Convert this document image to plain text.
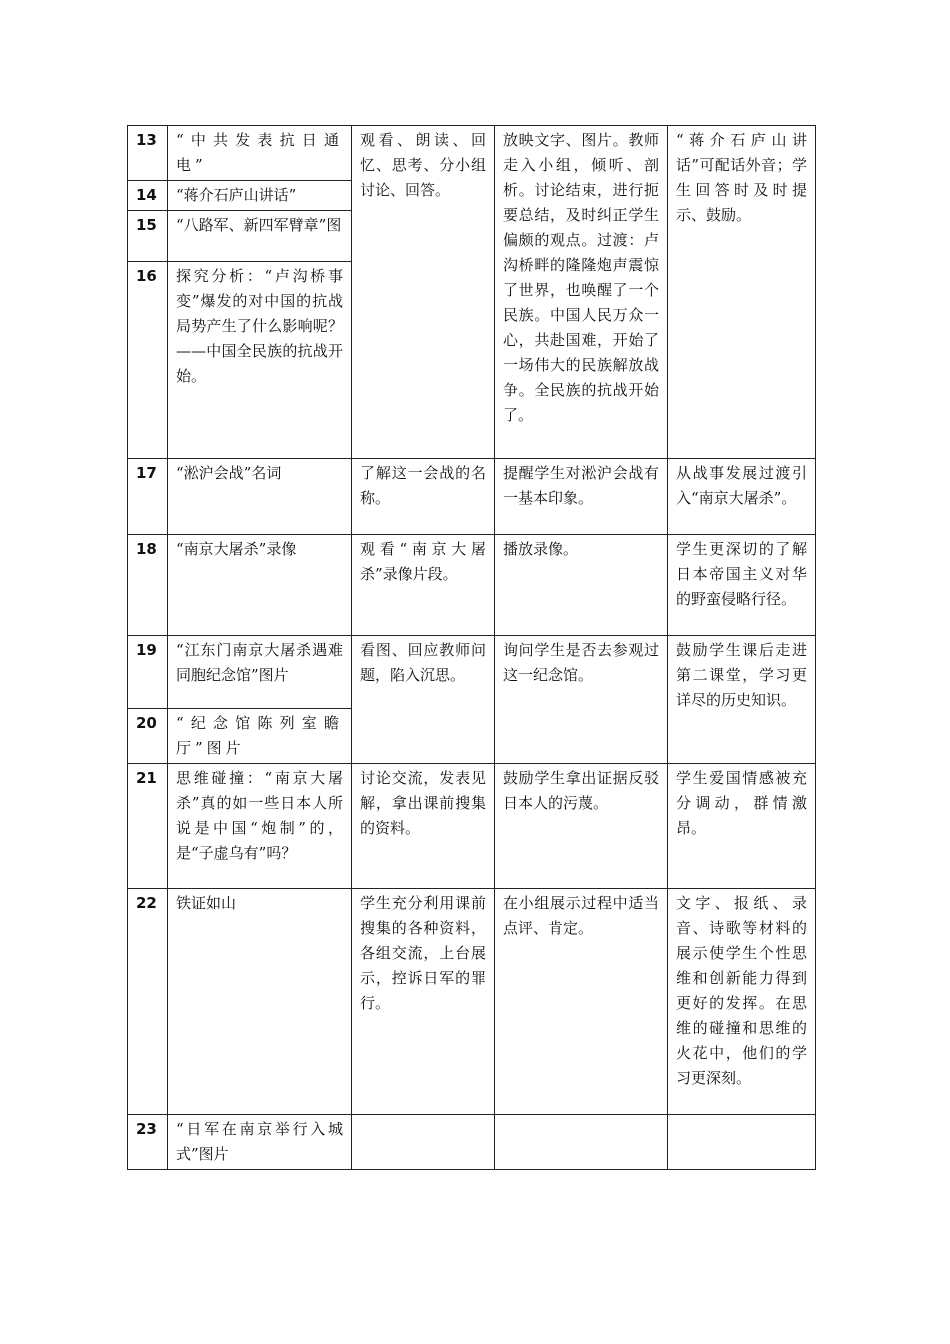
13	“中共发表抗日通电”	观看、朗读、回忆、思考、分小组讨论、回答。	放映文字、图片。教师走入小组，倾听、剖析。讨论结束，进行扼要总结，及时纠正学生偏颇的观点。过渡：卢沟桥畔的隆隆炮声震惊了世界，也唤醒了一个民族。中国人民万众一心，共赴国难，开始了一场伟大的民族解放战争。全民族的抗战开始了。	“蒋介石庐山讲话”可配话外音；学生回答时及时提示、鼓励。
14	“蒋介石庐山讲话”			
15	“八路军、新四军臂章”图			
16	探究分析：“卢沟桥事变”爆发的对中国的抗战局势产生了什么影响呢？——中国全民族的抗战开始。			
17	“淞沪会战”名词	了解这一会战的名称。	提醒学生对淞沪会战有一基本印象。	从战事发展过渡引入“南京大屠杀”。
18	“南京大屠杀”录像	观看“南京大屠杀”录像片段。	播放录像。	学生更深切的了解日本帝国主义对华的野蛮侵略行径。
19	“江东门南京大屠杀遇难同胞纪念馆”图片	看图、回应教师问题，陷入沉思。	询问学生是否去参观过这一纪念馆。	鼓励学生课后走进第二课堂，学习更详尽的历史知识。
20	“纪念馆陈列室瞻厅”图片			
21	思维碰撞：“南京大屠杀”真的如一些日本人所说是中国“炮制”的，是“子虚乌有”吗？	讨论交流，发表见解，拿出课前搜集的资料。	鼓励学生拿出证据反驳日本人的污蔑。	学生爱国情感被充分调动，群情激昂。
22	铁证如山	学生充分利用课前搜集的各种资料，各组交流，上台展示，控诉日军的罪行。	在小组展示过程中适当点评、肯定。	文字、报纸、录音、诗歌等材料的展示使学生个性思维和创新能力得到更好的发挥。在思维的碰撞和思维的火花中，他们的学习更深刻。
23	“日军在南京举行入城式”图片			
